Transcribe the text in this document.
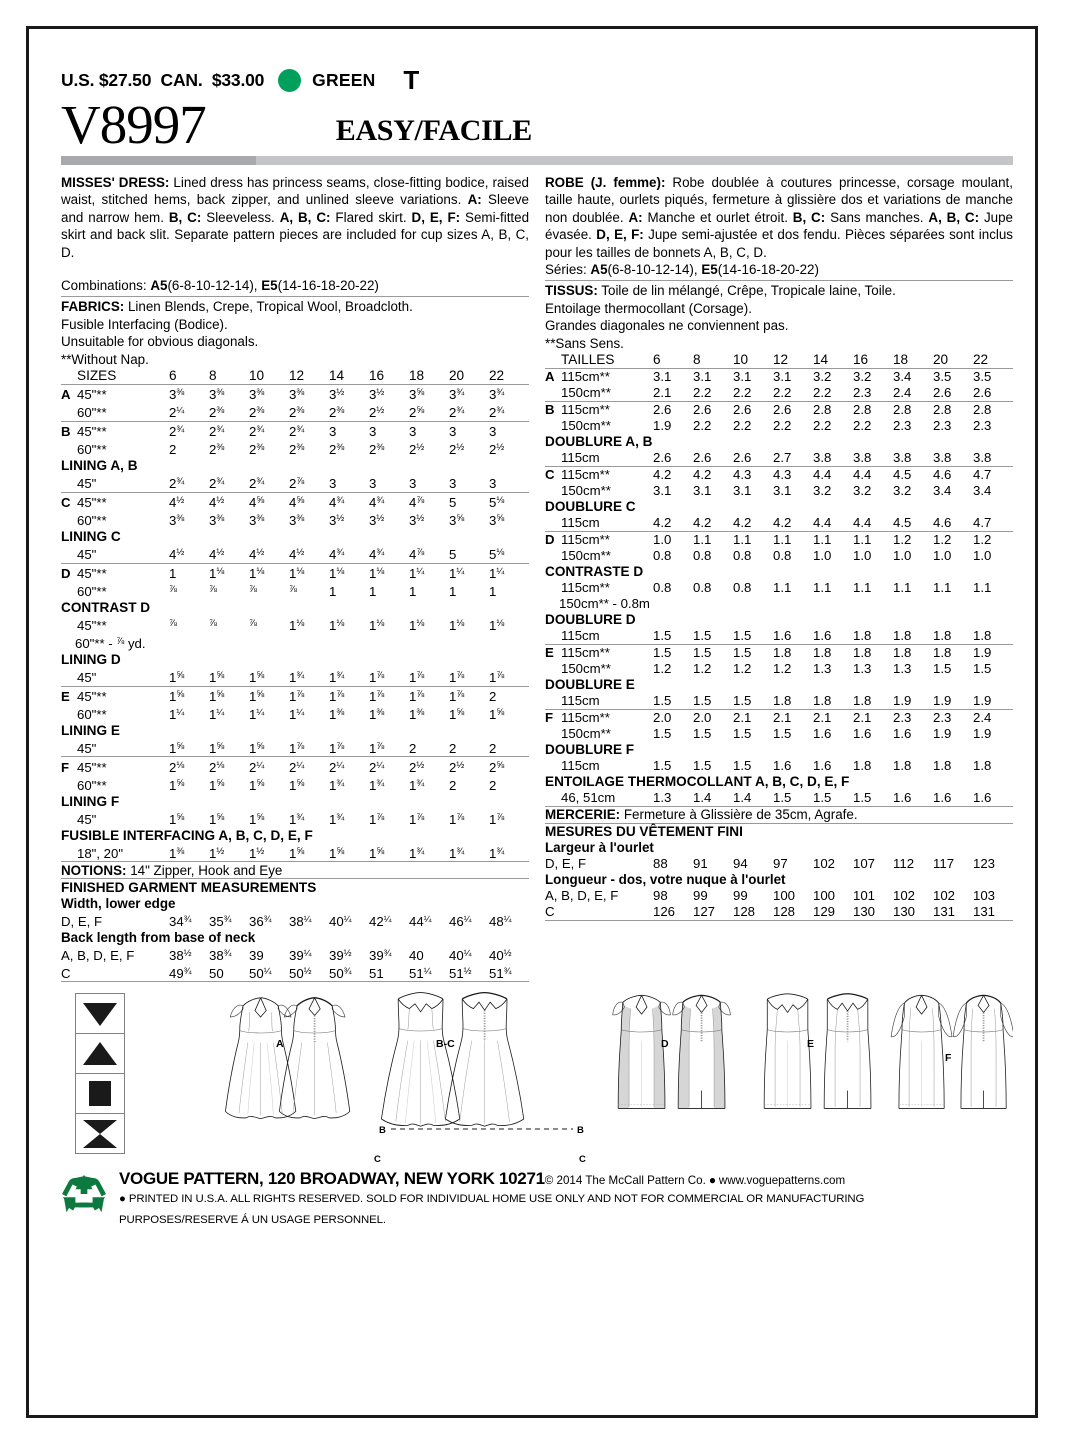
U.S. $27.50  CAN.  $33.00	GREEN T
V8997	EASY/FACILE
MISSES' DRESS: Lined dress has princess seams, close-fitting bodice, raised waist, stitched hems, back zipper, and unlined sleeve variations. A: Sleeve and narrow hem. B, C: Sleeveless. A, B, C: Flared skirt. D, E, F: Semi-fitted skirt and back slit. Separate pattern pieces are included for cup sizes A, B, C, D.
Combinations: A5(6-8-10-12-14), E5(14-16-18-20-22)
FABRICS: Linen Blends, Crepe, Tropical Wool, Broadcloth.
Fusible Interfacing (Bodice).
Unsuitable for obvious diagonals.
**Without Nap.
	SIZES	6	8	10	12	14	16	18	20	22
A	45"**	$3^{\frac{3}{8}}$	$3^{\frac{3}{8}}$	$3^{\frac{3}{8}}$	$3^{\frac{3}{8}}$	$3^{\frac{1}{2}}$	$3^{\frac{1}{2}}$	$3^{\frac{5}{8}}$	$3^{\frac{3}{4}}$	$3^{\frac{3}{4}}$
	60"**	$2^{\frac{1}{4}}$	$2^{\frac{3}{8}}$	$2^{\frac{3}{8}}$	$2^{\frac{3}{8}}$	$2^{\frac{3}{8}}$	$2^{\frac{1}{2}}$	$2^{\frac{5}{8}}$	$2^{\frac{3}{4}}$	$2^{\frac{3}{4}}$
B	45"**	$2^{\frac{3}{4}}$	$2^{\frac{3}{4}}$	$2^{\frac{3}{4}}$	$2^{\frac{3}{4}}$	3	3	3	3	3
	60"**	2	$2^{\frac{3}{8}}$	$2^{\frac{3}{8}}$	$2^{\frac{3}{8}}$	$2^{\frac{3}{8}}$	$2^{\frac{3}{8}}$	$2^{\frac{1}{2}}$	$2^{\frac{1}{2}}$	$2^{\frac{1}{2}}$
LINING A, B										
	45"	$2^{\frac{3}{4}}$	$2^{\frac{3}{4}}$	$2^{\frac{3}{4}}$	$2^{\frac{7}{8}}$	3	3	3	3	3
C	45"**	$4^{\frac{1}{2}}$	$4^{\frac{1}{2}}$	$4^{\frac{5}{8}}$	$4^{\frac{5}{8}}$	$4^{\frac{3}{4}}$	$4^{\frac{3}{4}}$	$4^{\frac{7}{8}}$	5	$5^{\frac{1}{8}}$
	60"**	$3^{\frac{3}{8}}$	$3^{\frac{3}{8}}$	$3^{\frac{3}{8}}$	$3^{\frac{3}{8}}$	$3^{\frac{1}{2}}$	$3^{\frac{1}{2}}$	$3^{\frac{1}{2}}$	$3^{\frac{5}{8}}$	$3^{\frac{5}{8}}$
LINING C										
	45"	$4^{\frac{1}{2}}$	$4^{\frac{1}{2}}$	$4^{\frac{1}{2}}$	$4^{\frac{1}{2}}$	$4^{\frac{3}{4}}$	$4^{\frac{3}{4}}$	$4^{\frac{7}{8}}$	5	$5^{\frac{1}{8}}$
D	45"**	1	$1^{\frac{1}{8}}$	$1^{\frac{1}{8}}$	$1^{\frac{1}{8}}$	$1^{\frac{1}{8}}$	$1^{\frac{1}{8}}$	$1^{\frac{1}{4}}$	$1^{\frac{1}{4}}$	$1^{\frac{1}{4}}$
	60"**	$^{\frac{7}{8}}$	$^{\frac{7}{8}}$	$^{\frac{7}{8}}$	$^{\frac{7}{8}}$	1	1	1	1	1
CONTRAST D										
	45"**	$^{\frac{7}{8}}$	$^{\frac{7}{8}}$	$^{\frac{7}{8}}$	$1^{\frac{1}{8}}$	$1^{\frac{1}{8}}$	$1^{\frac{1}{8}}$	$1^{\frac{1}{8}}$	$1^{\frac{1}{8}}$	$1^{\frac{1}{8}}$
60"** - $^{\frac{7}{8}}$ yd.										
LINING D										
	45"	$1^{\frac{5}{8}}$	$1^{\frac{5}{8}}$	$1^{\frac{5}{8}}$	$1^{\frac{3}{4}}$	$1^{\frac{3}{4}}$	$1^{\frac{7}{8}}$	$1^{\frac{7}{8}}$	$1^{\frac{7}{8}}$	$1^{\frac{7}{8}}$
E	45"**	$1^{\frac{5}{8}}$	$1^{\frac{5}{8}}$	$1^{\frac{5}{8}}$	$1^{\frac{7}{8}}$	$1^{\frac{7}{8}}$	$1^{\frac{7}{8}}$	$1^{\frac{7}{8}}$	$1^{\frac{7}{8}}$	2
	60"**	$1^{\frac{1}{4}}$	$1^{\frac{1}{4}}$	$1^{\frac{1}{4}}$	$1^{\frac{1}{4}}$	$1^{\frac{3}{8}}$	$1^{\frac{3}{8}}$	$1^{\frac{3}{8}}$	$1^{\frac{5}{8}}$	$1^{\frac{5}{8}}$
LINING E										
	45"	$1^{\frac{5}{8}}$	$1^{\frac{5}{8}}$	$1^{\frac{5}{8}}$	$1^{\frac{7}{8}}$	$1^{\frac{7}{8}}$	$1^{\frac{7}{8}}$	2	2	2
F	45"**	$2^{\frac{1}{8}}$	$2^{\frac{1}{8}}$	$2^{\frac{1}{4}}$	$2^{\frac{1}{4}}$	$2^{\frac{1}{4}}$	$2^{\frac{1}{4}}$	$2^{\frac{1}{2}}$	$2^{\frac{1}{2}}$	$2^{\frac{5}{8}}$
	60"**	$1^{\frac{5}{8}}$	$1^{\frac{5}{8}}$	$1^{\frac{5}{8}}$	$1^{\frac{5}{8}}$	$1^{\frac{3}{4}}$	$1^{\frac{3}{4}}$	$1^{\frac{3}{4}}$	2	2
LINING F										
	45"	$1^{\frac{5}{8}}$	$1^{\frac{5}{8}}$	$1^{\frac{5}{8}}$	$1^{\frac{3}{4}}$	$1^{\frac{3}{4}}$	$1^{\frac{7}{8}}$	$1^{\frac{7}{8}}$	$1^{\frac{7}{8}}$	$1^{\frac{7}{8}}$
FUSIBLE INTERFACING A, B, C, D, E, F										
	18", 20"	$1^{\frac{3}{8}}$	$1^{\frac{1}{2}}$	$1^{\frac{1}{2}}$	$1^{\frac{5}{8}}$	$1^{\frac{5}{8}}$	$1^{\frac{5}{8}}$	$1^{\frac{3}{4}}$	$1^{\frac{3}{4}}$	$1^{\frac{3}{4}}$
NOTIONS: 14" Zipper, Hook and Eye										
FINISHED GARMENT MEASUREMENTS										
Width, lower edge										
D, E, F		$34^{\frac{3}{4}}$	$35^{\frac{3}{4}}$	$36^{\frac{3}{4}}$	$38^{\frac{1}{4}}$	$40^{\frac{1}{4}}$	$42^{\frac{1}{4}}$	$44^{\frac{1}{4}}$	$46^{\frac{1}{4}}$	$48^{\frac{1}{4}}$
Back length from base of neck										
A, B, D, E, F		$38^{\frac{1}{2}}$	$38^{\frac{3}{4}}$	39	$39^{\frac{1}{4}}$	$39^{\frac{1}{2}}$	$39^{\frac{3}{4}}$	40	$40^{\frac{1}{4}}$	$40^{\frac{1}{2}}$
C		$49^{\frac{3}{4}}$	50	$50^{\frac{1}{4}}$	$50^{\frac{1}{2}}$	$50^{\frac{3}{4}}$	51	$51^{\frac{1}{4}}$	$51^{\frac{1}{2}}$	$51^{\frac{3}{4}}$

ROBE (J. femme): Robe doublée à coutures princesse, corsage moulant, taille haute, ourlets piqués, fermeture à glissière dos et variations de manche non doublée. A: Manche et ourlet étroit. B, C: Sans manches. A, B, C: Jupe évasée. D, E, F: Jupe semi-ajustée et dos fendu. Pièces séparées sont inclus pour les tailles de bonnets A, B, C, D.
Séries: A5(6-8-10-12-14), E5(14-16-18-20-22)
TISSUS: Toile de lin mélangé, Crêpe, Tropicale laine, Toile.
Entoilage thermocollant (Corsage).
Grandes diagonales ne conviennent pas.
**Sans Sens.
	TAILLES	6	8	10	12	14	16	18	20	22
A	115cm**	3.1	3.1	3.1	3.1	3.2	3.2	3.4	3.5	3.5
	150cm**	2.1	2.2	2.2	2.2	2.2	2.3	2.4	2.6	2.6
B	115cm**	2.6	2.6	2.6	2.6	2.8	2.8	2.8	2.8	2.8
	150cm**	1.9	2.2	2.2	2.2	2.2	2.2	2.3	2.3	2.3
DOUBLURE A, B										
	115cm	2.6	2.6	2.6	2.7	3.8	3.8	3.8	3.8	3.8
C	115cm**	4.2	4.2	4.3	4.3	4.4	4.4	4.5	4.6	4.7
	150cm**	3.1	3.1	3.1	3.1	3.2	3.2	3.2	3.4	3.4
DOUBLURE C										
	115cm	4.2	4.2	4.2	4.2	4.4	4.4	4.5	4.6	4.7
D	115cm**	1.0	1.1	1.1	1.1	1.1	1.1	1.2	1.2	1.2
	150cm**	0.8	0.8	0.8	0.8	1.0	1.0	1.0	1.0	1.0
CONTRASTE D										
	115cm**	0.8	0.8	0.8	1.1	1.1	1.1	1.1	1.1	1.1
150cm** - 0.8m										
DOUBLURE D										
	115cm	1.5	1.5	1.5	1.6	1.6	1.8	1.8	1.8	1.8
E	115cm**	1.5	1.5	1.5	1.8	1.8	1.8	1.8	1.8	1.9
	150cm**	1.2	1.2	1.2	1.2	1.3	1.3	1.3	1.5	1.5
DOUBLURE E										
	115cm	1.5	1.5	1.5	1.8	1.8	1.8	1.9	1.9	1.9
F	115cm**	2.0	2.0	2.1	2.1	2.1	2.1	2.3	2.3	2.4
	150cm**	1.5	1.5	1.5	1.5	1.6	1.6	1.6	1.9	1.9
DOUBLURE F										
	115cm	1.5	1.5	1.5	1.6	1.6	1.8	1.8	1.8	1.8
ENTOILAGE THERMOCOLLANT A, B, C, D, E, F										
	46, 51cm	1.3	1.4	1.4	1.5	1.5	1.5	1.6	1.6	1.6
MERCERIE: Fermeture à Glissière de 35cm, Agrafe.										
MESURES DU VÊTEMENT FINI										
Largeur à l'ourlet										
D, E, F		88	91	94	97	102	107	112	117	123
Longueur - dos, votre nuque à l'ourlet										
A, B, D, E, F		98	99	99	100	100	101	102	102	103
C		126	127	128	128	129	130	130	131	131

A	B-C
B	B
C	C
D	E
F
VOGUE PATTERN, 120 BROADWAY, NEW YORK 10271© 2014 The McCall Pattern Co. ● www.voguepatterns.com
● PRINTED IN U.S.A. ALL RIGHTS RESERVED. SOLD FOR INDIVIDUAL HOME USE ONLY AND NOT FOR COMMERCIAL OR MANUFACTURING
PURPOSES/RESERVE Á UN USAGE PERSONNEL.
